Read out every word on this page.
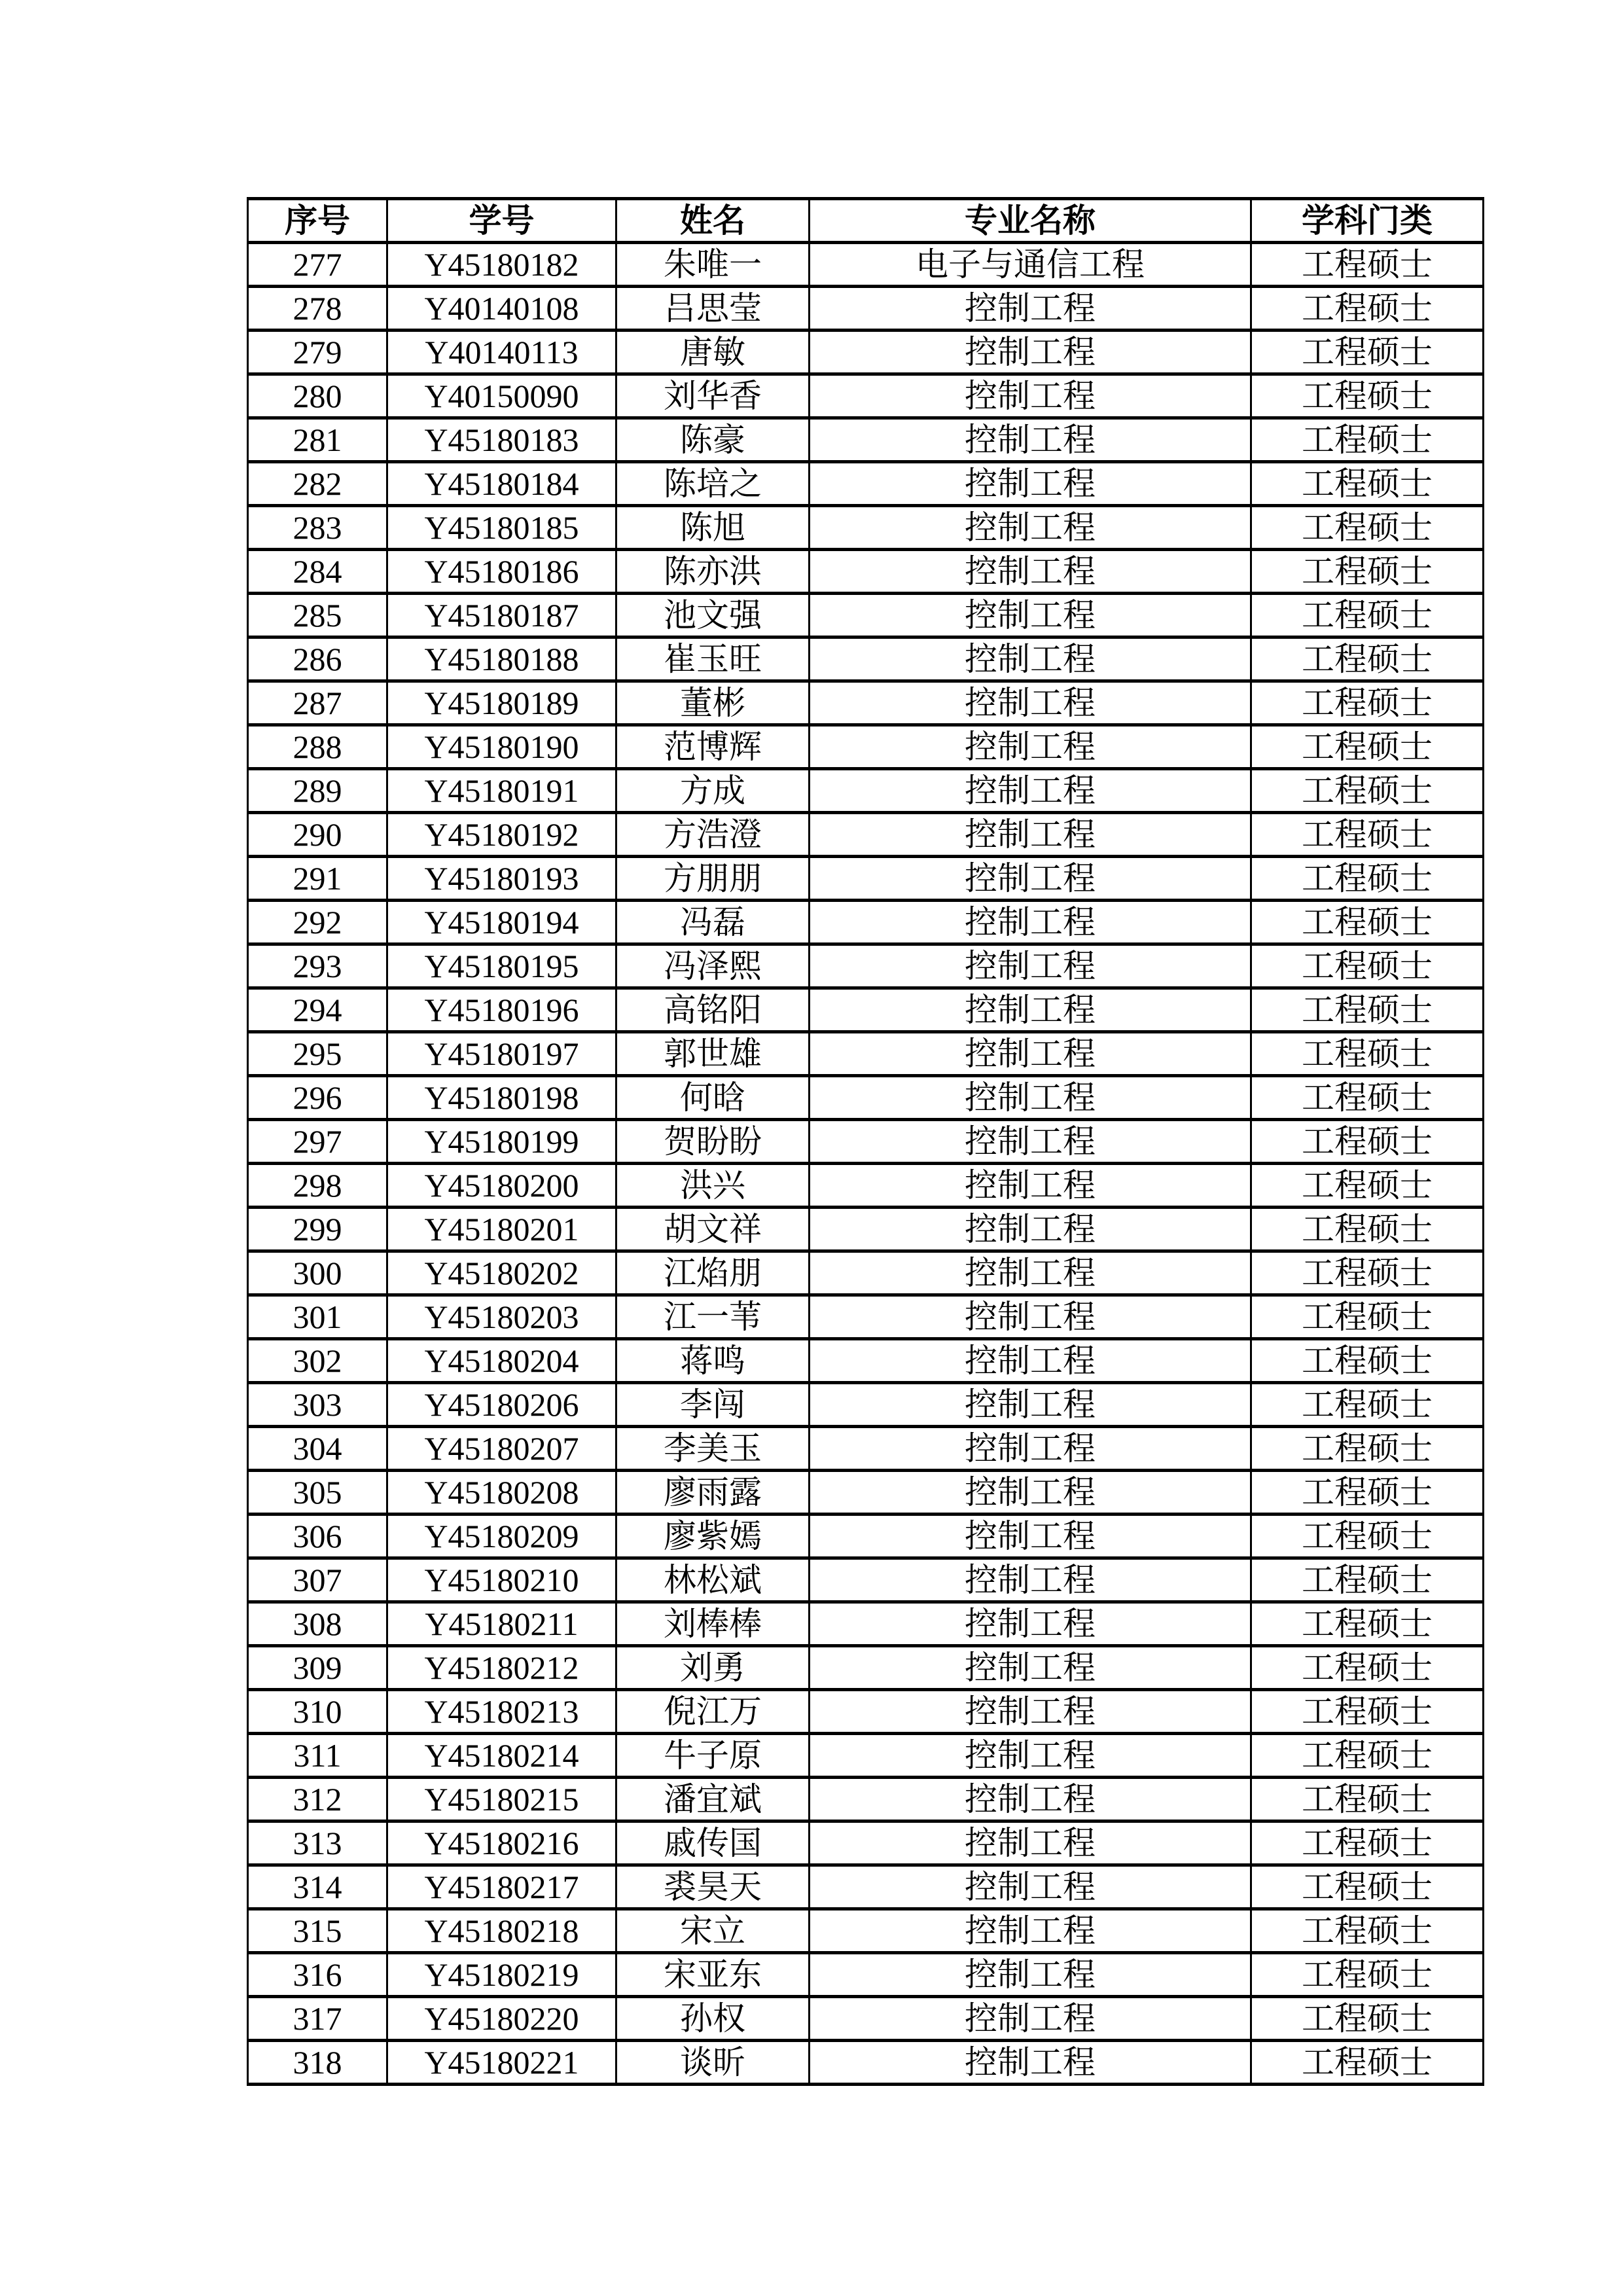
序号	学号	姓名	专业名称	学科门类
277	Y45180182	朱唯一	电子与通信工程	工程硕士
278	Y40140108	吕思莹	控制工程	工程硕士
279	Y40140113	唐敏	控制工程	工程硕士
280	Y40150090	刘华香	控制工程	工程硕士
281	Y45180183	陈豪	控制工程	工程硕士
282	Y45180184	陈培之	控制工程	工程硕士
283	Y45180185	陈旭	控制工程	工程硕士
284	Y45180186	陈亦洪	控制工程	工程硕士
285	Y45180187	池文强	控制工程	工程硕士
286	Y45180188	崔玉旺	控制工程	工程硕士
287	Y45180189	董彬	控制工程	工程硕士
288	Y45180190	范博辉	控制工程	工程硕士
289	Y45180191	方成	控制工程	工程硕士
290	Y45180192	方浩澄	控制工程	工程硕士
291	Y45180193	方朋朋	控制工程	工程硕士
292	Y45180194	冯磊	控制工程	工程硕士
293	Y45180195	冯泽熙	控制工程	工程硕士
294	Y45180196	高铭阳	控制工程	工程硕士
295	Y45180197	郭世雄	控制工程	工程硕士
296	Y45180198	何晗	控制工程	工程硕士
297	Y45180199	贺盼盼	控制工程	工程硕士
298	Y45180200	洪兴	控制工程	工程硕士
299	Y45180201	胡文祥	控制工程	工程硕士
300	Y45180202	江焰朋	控制工程	工程硕士
301	Y45180203	江一苇	控制工程	工程硕士
302	Y45180204	蒋鸣	控制工程	工程硕士
303	Y45180206	李闯	控制工程	工程硕士
304	Y45180207	李美玉	控制工程	工程硕士
305	Y45180208	廖雨露	控制工程	工程硕士
306	Y45180209	廖紫嫣	控制工程	工程硕士
307	Y45180210	林松斌	控制工程	工程硕士
308	Y45180211	刘棒棒	控制工程	工程硕士
309	Y45180212	刘勇	控制工程	工程硕士
310	Y45180213	倪江万	控制工程	工程硕士
311	Y45180214	牛子原	控制工程	工程硕士
312	Y45180215	潘宜斌	控制工程	工程硕士
313	Y45180216	戚传国	控制工程	工程硕士
314	Y45180217	裘昊天	控制工程	工程硕士
315	Y45180218	宋立	控制工程	工程硕士
316	Y45180219	宋亚东	控制工程	工程硕士
317	Y45180220	孙权	控制工程	工程硕士
318	Y45180221	谈昕	控制工程	工程硕士
